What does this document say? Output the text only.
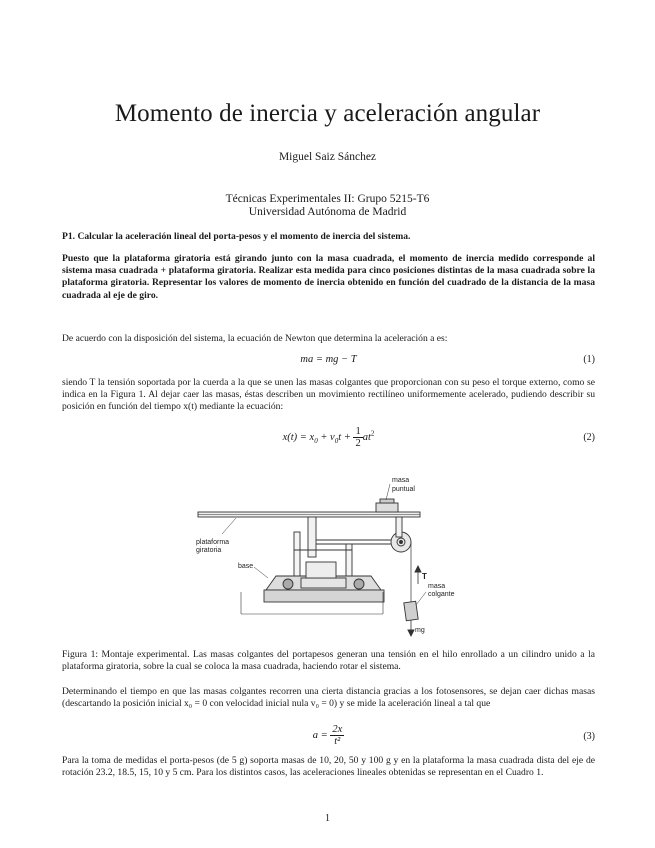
Momento de inercia y aceleración angular
Miguel Saiz Sánchez
Técnicas Experimentales II: Grupo 5215-T6
Universidad Autónoma de Madrid
P1. Calcular la aceleración lineal del porta-pesos y el momento de inercia del sistema.
Puesto que la plataforma giratoria está girando junto con la masa cuadrada, el momento de inercia medido corresponde al sistema masa cuadrada + plataforma giratoria. Realizar esta medida para cinco posiciones distintas de la masa cuadrada sobre la plataforma giratoria. Representar los valores de momento de inercia obtenido en función del cuadrado de la distancia de la masa cuadrada al eje de giro.
De acuerdo con la disposición del sistema, la ecuación de Newton que determina la aceleración a es:
ma = mg − T	(1)
siendo T la tensión soportada por la cuerda a la que se unen las masas colgantes que proporcionan con su peso el torque externo, como se indica en la Figura 1. Al dejar caer las masas, éstas describen un movimiento rectilíneo uniformemente acelerado, pudiendo describir su posición en función del tiempo x(t) mediante la ecuación:
$x(t) = x_0 + v_0t + \frac{1}{2} at^2$	(2)
masa
puntual
plataforma
giratoria
base
T
masa
colgante
mg
Figura 1: Montaje experimental. Las masas colgantes del portapesos generan una tensión en el hilo enrollado a un cilindro unido a la plataforma giratoria, sobre la cual se coloca la masa cuadrada, haciendo rotar el sistema.
Determinando el tiempo en que las masas colgantes recorren una cierta distancia gracias a los fotosensores, se dejan caer dichas masas (descartando la posición inicial x₀ = 0 con velocidad inicial nula v₀ = 0) y se mide la aceleración lineal a tal que
$a = \frac{2x}{\text{t²}}$	(3)
Para la toma de medidas el porta-pesos (de 5 g) soporta masas de 10, 20, 50 y 100 g y en la plataforma la masa cuadrada dista del eje de rotación 23.2, 18.5, 15, 10 y 5 cm. Para los distintos casos, las aceleraciones lineales obtenidas se representan en el Cuadro 1.
1
